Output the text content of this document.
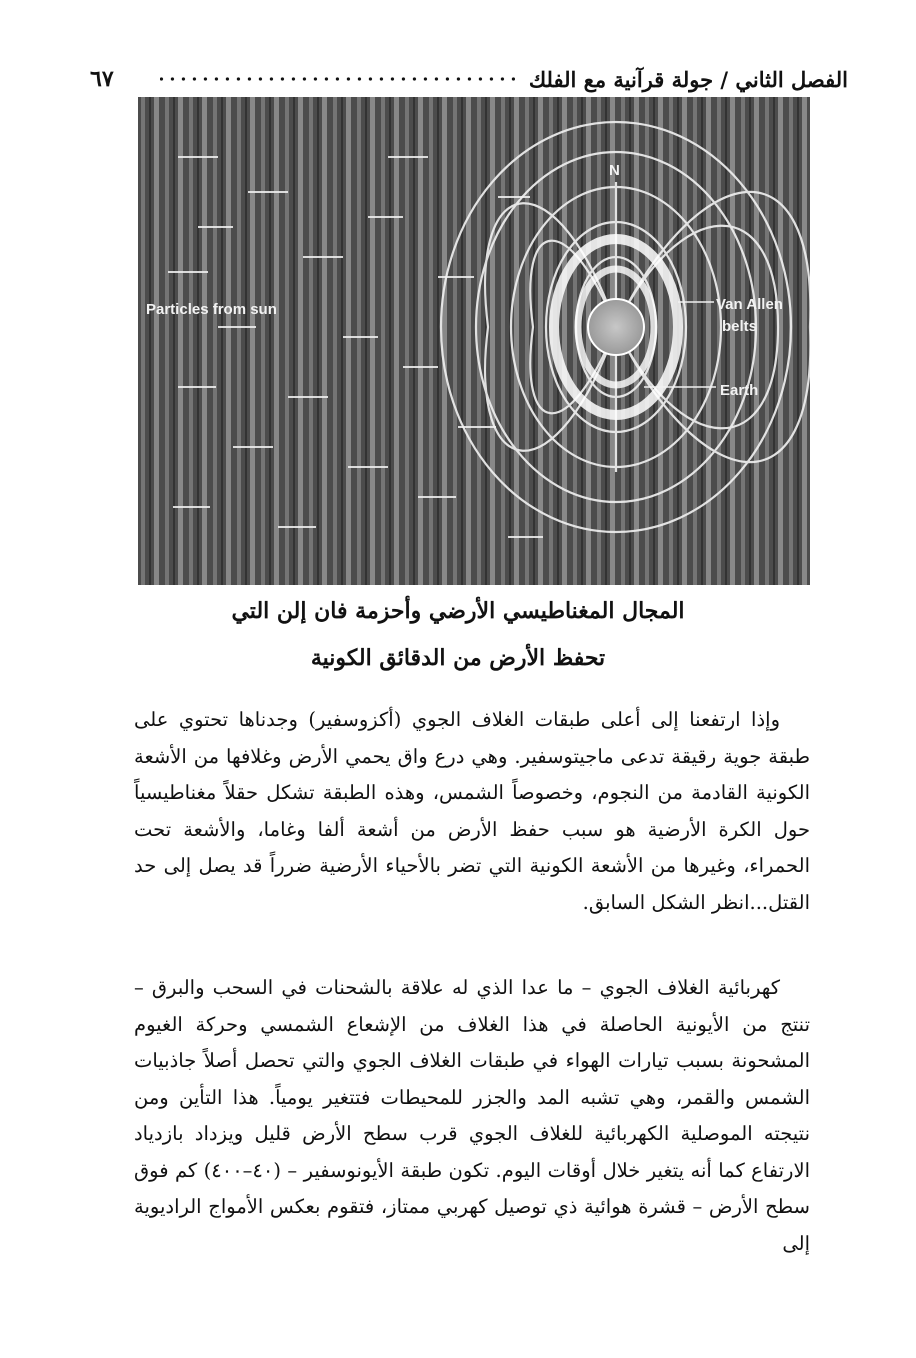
٦٧	الفصل الثاني / جولة قرآنية مع الفلك
Particles from sun
N
Van Allen
belts
Earth
المجال المغناطيسي الأرضي وأحزمة فان إلن التي
تحفظ الأرض من الدقائق الكونية
وإذا ارتفعنا إلى أعلى طبقات الغلاف الجوي (أكزوسفير) وجدناها تحتوي على طبقة جوية رقيقة تدعى ماجيتوسفير. وهي درع واق يحمي الأرض وغلافها من الأشعة الكونية القادمة من النجوم، وخصوصاً الشمس، وهذه الطبقة تشكل حقلاً مغناطيسياً حول الكرة الأرضية هو سبب حفظ الأرض من أشعة ألفا وغاما، والأشعة تحت الحمراء، وغيرها من الأشعة الكونية التي تضر بالأحياء الأرضية ضرراً قد يصل إلى حد القتل...انظر الشكل السابق.
كهربائية الغلاف الجوي – ما عدا الذي له علاقة بالشحنات في السحب والبرق – تنتج من الأيونية الحاصلة في هذا الغلاف من الإشعاع الشمسي وحركة الغيوم المشحونة بسبب تيارات الهواء في طبقات الغلاف الجوي والتي تحصل أصلاً جاذبيات الشمس والقمر، وهي تشبه المد والجزر للمحيطات فتتغير يومياً. هذا التأين ومن نتيجته الموصلية الكهربائية للغلاف الجوي قرب سطح الأرض قليل ويزداد بازدياد الارتفاع كما أنه يتغير خلال أوقات اليوم. تكون طبقة الأيونوسفير – (٤٠–٤٠٠) كم فوق سطح الأرض – قشرة هوائية ذي توصيل كهربي ممتاز، فتقوم بعكس الأمواج الراديوية إلى
